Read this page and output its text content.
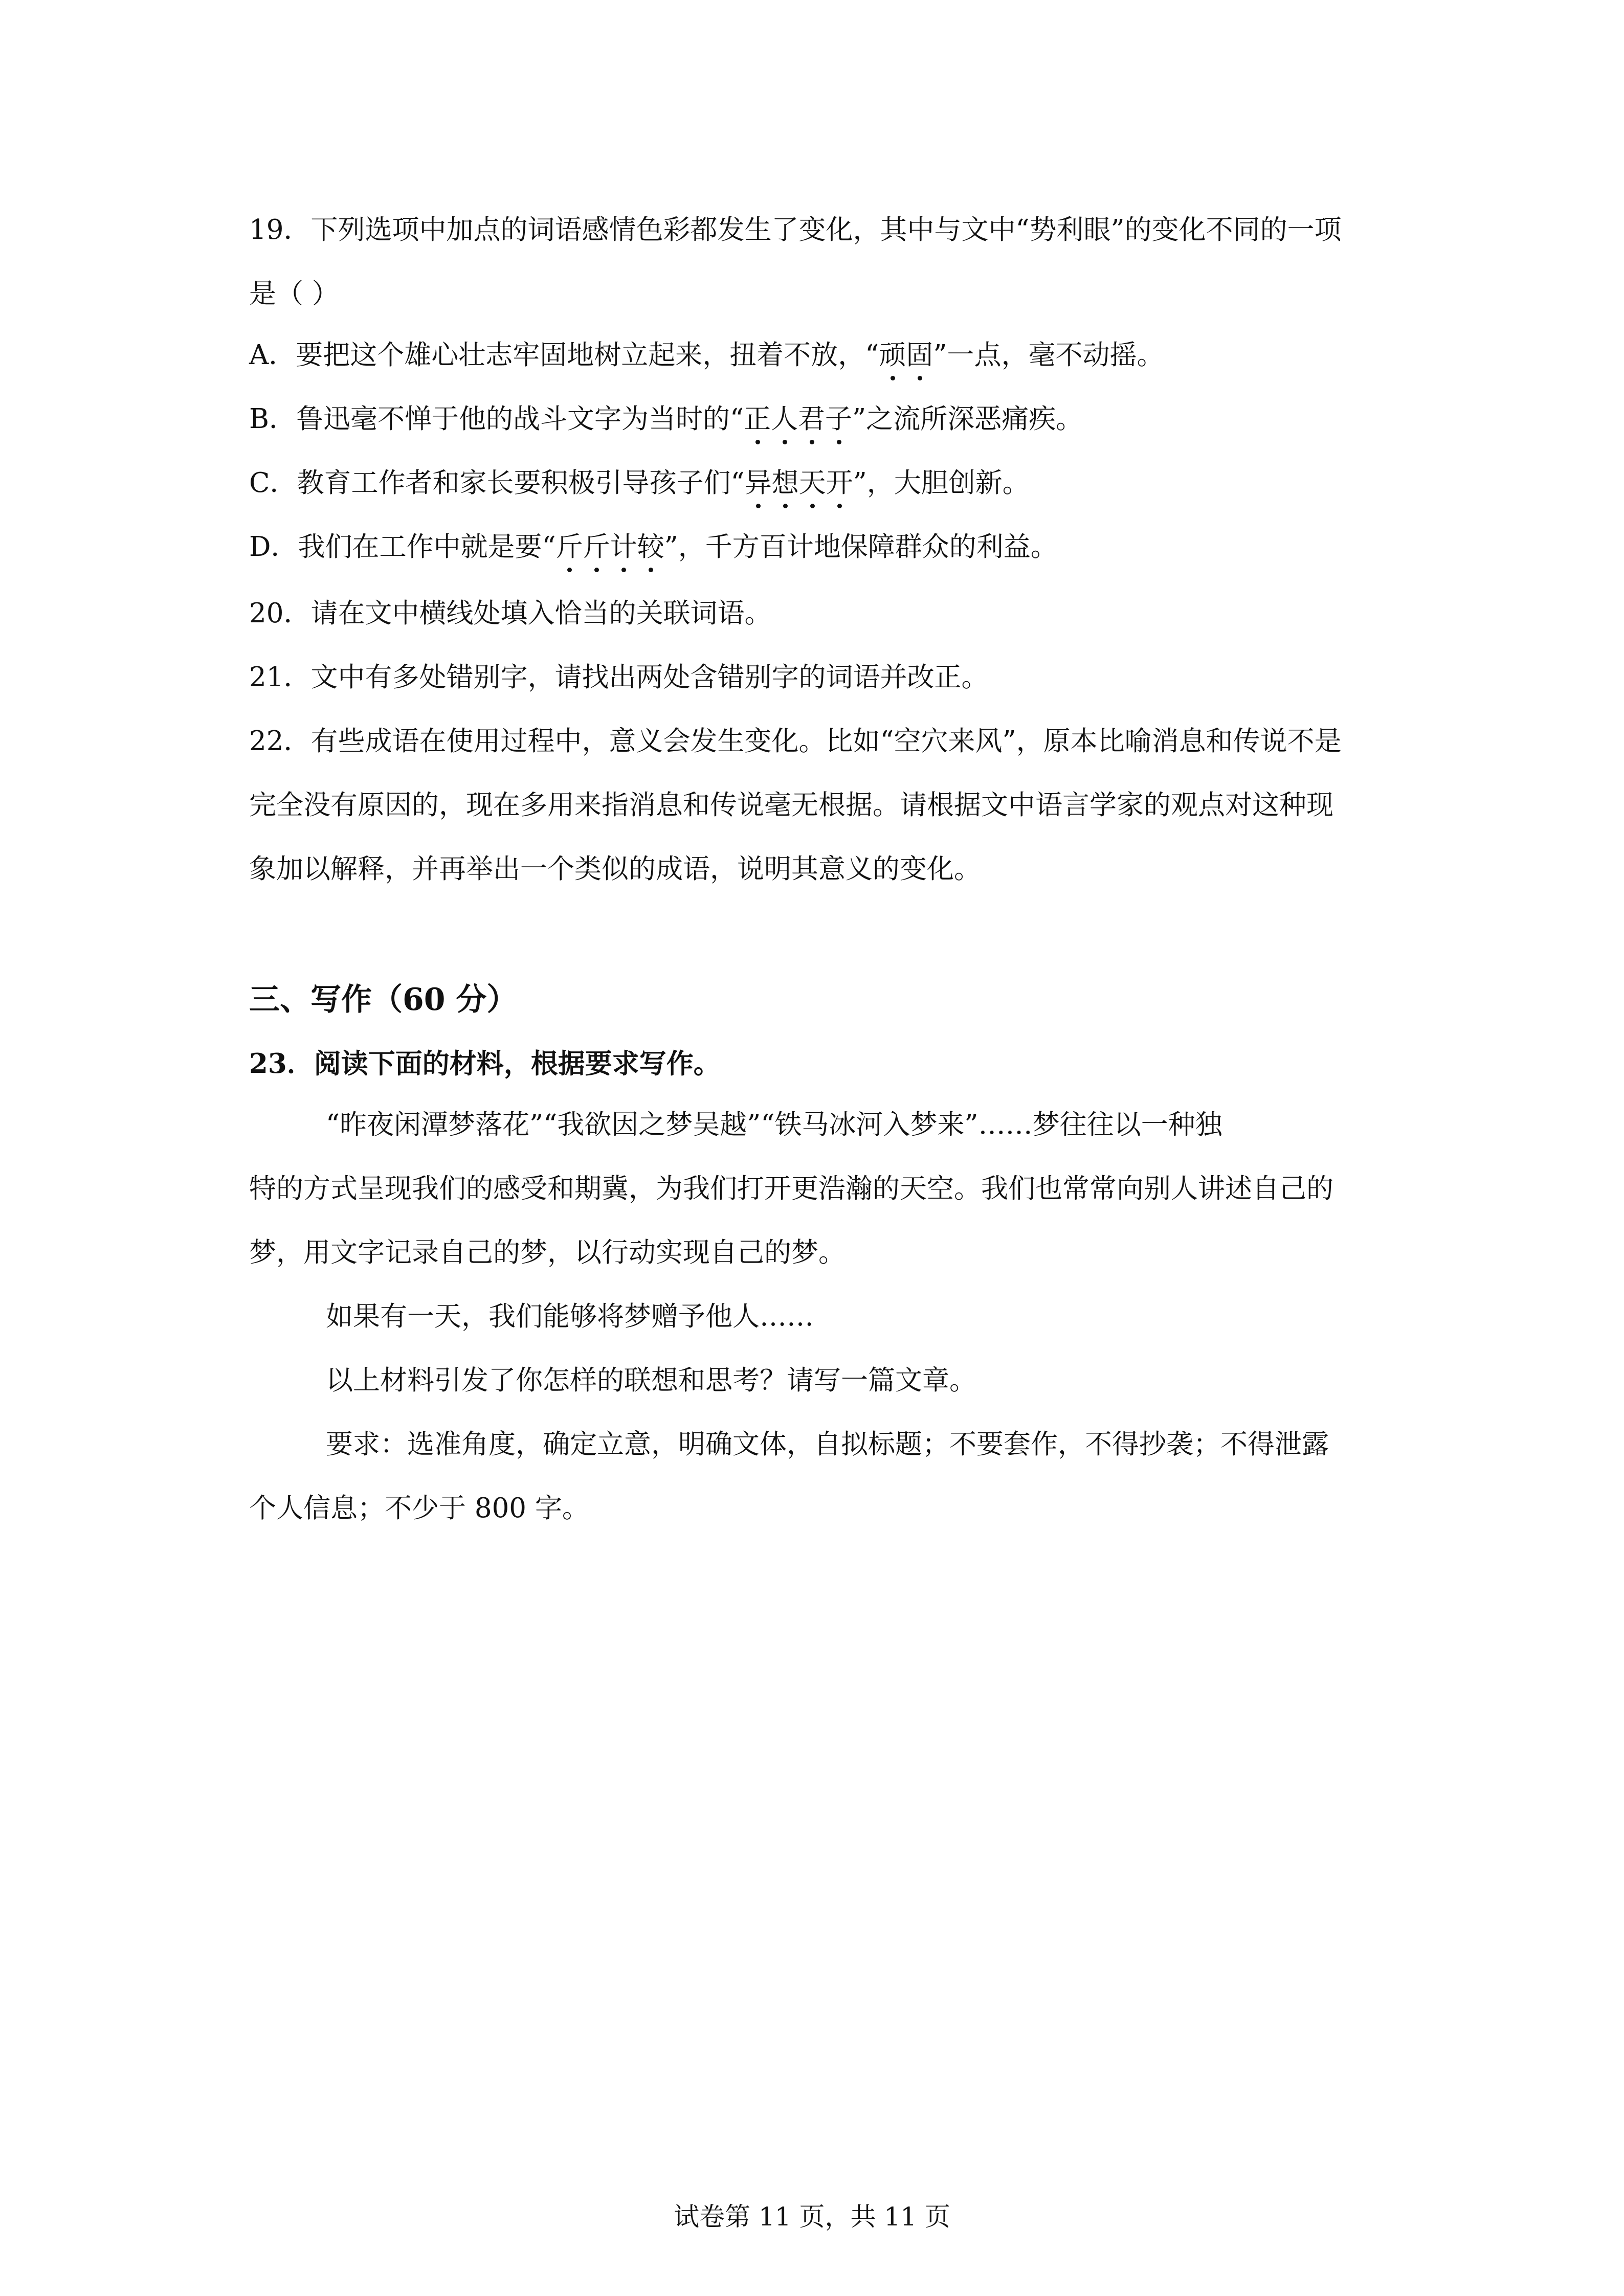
19．下列选项中加点的词语感情色彩都发生了变化，其中与文中“势利眼”的变化不同的一项
是（ ）
A．要把这个雄心壮志牢固地树立起来，扭着不放，“顽固”一点，毫不动摇。
B．鲁迅毫不惮于他的战斗文字为当时的“正人君子”之流所深恶痛疾。
C．教育工作者和家长要积极引导孩子们“异想天开”，大胆创新。
D．我们在工作中就是要“斤斤计较”，千方百计地保障群众的利益。
20．请在文中横线处填入恰当的关联词语。
21．文中有多处错别字，请找出两处含错别字的词语并改正。
22．有些成语在使用过程中，意义会发生变化。比如“空穴来风”，原本比喻消息和传说不是
完全没有原因的，现在多用来指消息和传说毫无根据。请根据文中语言学家的观点对这种现
象加以解释，并再举出一个类似的成语，说明其意义的变化。
三、写作（60 分）
23．阅读下面的材料，根据要求写作。
“昨夜闲潭梦落花”“我欲因之梦吴越”“铁马冰河入梦来”……梦往往以一种独
特的方式呈现我们的感受和期冀，为我们打开更浩瀚的天空。我们也常常向别人讲述自己的
梦，用文字记录自己的梦，以行动实现自己的梦。
如果有一天，我们能够将梦赠予他人……
以上材料引发了你怎样的联想和思考？请写一篇文章。
要求：选准角度，确定立意，明确文体，自拟标题；不要套作，不得抄袭；不得泄露
个人信息；不少于 800 字。
试卷第 11 页，共 11 页
